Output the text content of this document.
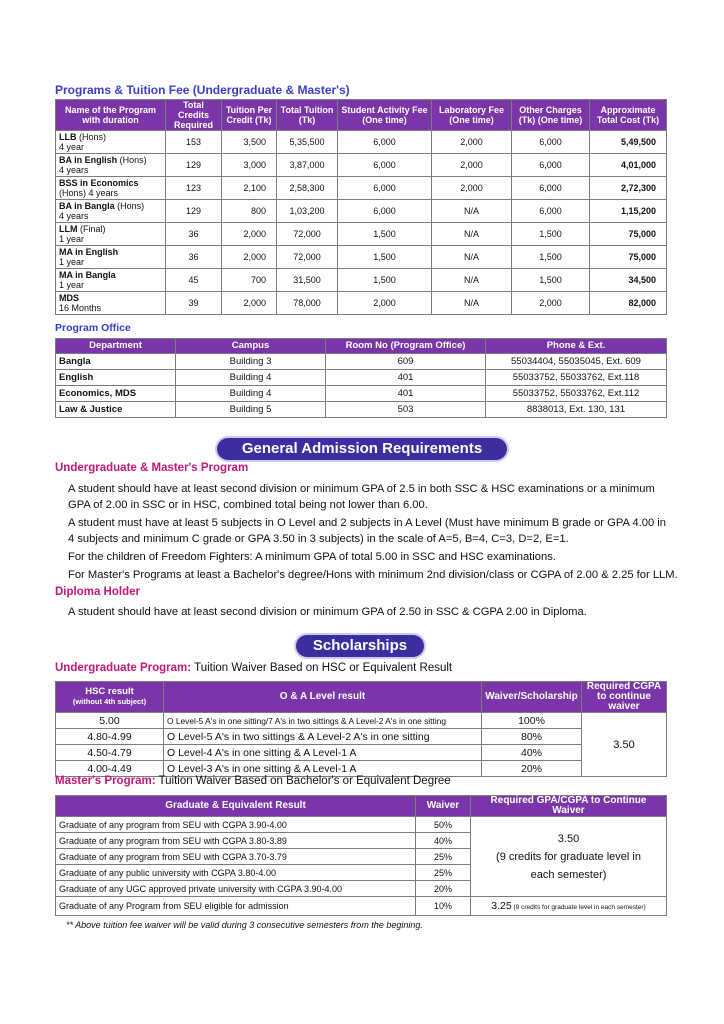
Programs & Tuition Fee (Undergraduate & Master's)
Name of the Program with duration	Total Credits Required	Tuition Per Credit (Tk)	Total Tuition (Tk)	Student Activity Fee (One time)	Laboratory Fee (One time)	Other Charges (Tk) (One time)	Approximate Total Cost (Tk)

LLB (Hons)
4 year	153	3,500	5,35,500	6,000	2,000	6,000	5,49,500

BA in English (Hons)
4 years	129	3,000	3,87,000	6,000	2,000	6,000	4,01,000

BSS in Economics
(Hons) 4 years	123	2,100	2,58,300	6,000	2,000	6,000	2,72,300

BA in Bangla (Hons)
4 years	129	800	1,03,200	6,000	N/A	6,000	1,15,200

LLM (Final)
1 year	36	2,000	72,000	1,500	N/A	1,500	75,000

MA in English
1 year	36	2,000	72,000	1,500	N/A	1,500	75,000

MA in Bangla
1 year	45	700	31,500	1,500	N/A	1,500	34,500

MDS
16 Months	39	2,000	78,000	2,000	N/A	2,000	82,000
Program Office
Department	Campus	Room No (Program Office)	Phone & Ext.
Bangla	Building 3	609	55034404, 55035045, Ext. 609
English	Building 4	401	55033752, 55033762, Ext.118
Economics, MDS	Building 4	401	55033752, 55033762, Ext.112
Law & Justice	Building 5	503	8838013, Ext. 130, 131
General Admission Requirements
Undergraduate & Master's Program
A student should have at least second division or minimum GPA of 2.5 in both SSC & HSC examinations or a minimum GPA of 2.00 in SSC or in HSC, combined total being not lower than 6.00.
A student must have at least 5 subjects in O Level and 2 subjects in A Level (Must have minimum B grade or GPA 4.00 in 4 subjects and minimum C grade or GPA 3.50 in 3 subjects) in the scale of A=5, B=4, C=3, D=2, E=1.
For the children of Freedom Fighters: A minimum GPA of total 5.00 in SSC and HSC examinations.
For Master's Programs at least a Bachelor's degree/Hons with minimum 2nd division/class or CGPA of 2.00 & 2.25 for LLM.
Diploma Holder
A student should have at least second division or minimum GPA of 2.50 in SSC & CGPA 2.00 in Diploma.
Scholarships
Undergraduate Program: Tuition Waiver Based on HSC or Equivalent Result
HSC result
(without 4th subject)	O & A Level result	Waiver/Scholarship	Required CGPA to continue waiver
5.00	O Level-5 A's in one sitting/7 A's in two sittings & A Level-2 A's in one sitting	100%	3.50
4.80-4.99	O Level-5 A's in two sittings & A Level-2 A's in one sitting	80%	
4.50-4.79	O Level-4 A's in one sitting & A Level-1 A	40%	
4.00-4.49	O Level-3 A's in one sitting & A Level-1 A	20%	
Master's Program: Tuition Waiver Based on Bachelor's or Equivalent Degree
Graduate & Equivalent Result	Waiver	Required GPA/CGPA to Continue Waiver
Graduate of any program from SEU with CGPA 3.90-4.00	50%	3.50
(9 credits for graduate level in
each semester)

Graduate of any program from SEU with CGPA 3.80-3.89	40%	
Graduate of any program from SEU with CGPA 3.70-3.79	25%	
Graduate of any public university with CGPA 3.80-4.00	25%	
Graduate of any UGC approved private university with CGPA 3.90-4.00	20%	
Graduate of any Program from SEU eligible for admission	10%	3.25 (9 credits for graduate level in each semester)
** Above tuition fee waiver will be valid during 3 consecutive semesters from the begining.
